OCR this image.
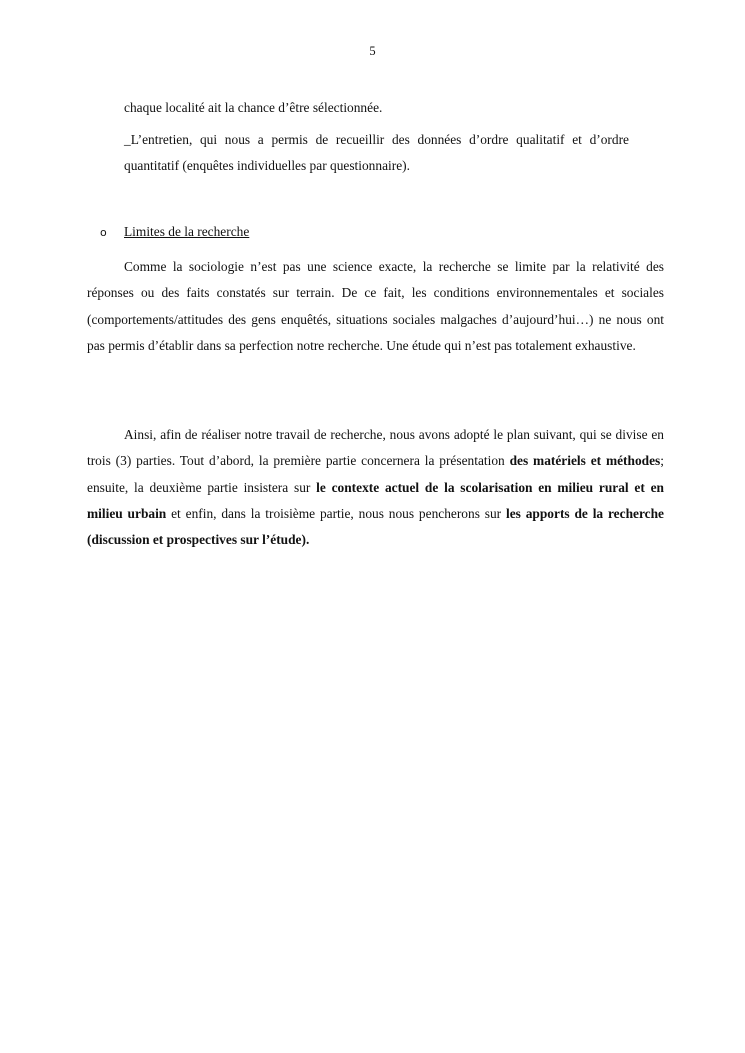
5

chaque localité ait la chance d’être sélectionnée.

_L’entretien, qui nous a permis de recueillir des données d’ordre qualitatif et d’ordre quantitatif (enquêtes individuelles par questionnaire).

o Limites de la recherche

Comme la sociologie n’est pas une science exacte, la recherche se limite par la relativité des réponses ou des faits constatés sur terrain. De ce fait, les conditions environnementales et sociales (comportements/attitudes des gens enquêtés, situations sociales malgaches d’aujourd’hui…) ne nous ont pas permis d’établir dans sa perfection notre recherche. Une étude qui n’est pas totalement exhaustive.

Ainsi, afin de réaliser notre travail de recherche, nous avons adopté le plan suivant, qui se divise en trois (3) parties. Tout d’abord, la première partie concernera la présentation des matériels et méthodes; ensuite, la deuxième partie insistera sur le contexte actuel de la scolarisation en milieu rural et en milieu urbain et enfin, dans la troisième partie, nous nous pencherons sur les apports de la recherche (discussion et prospectives sur l’étude).
